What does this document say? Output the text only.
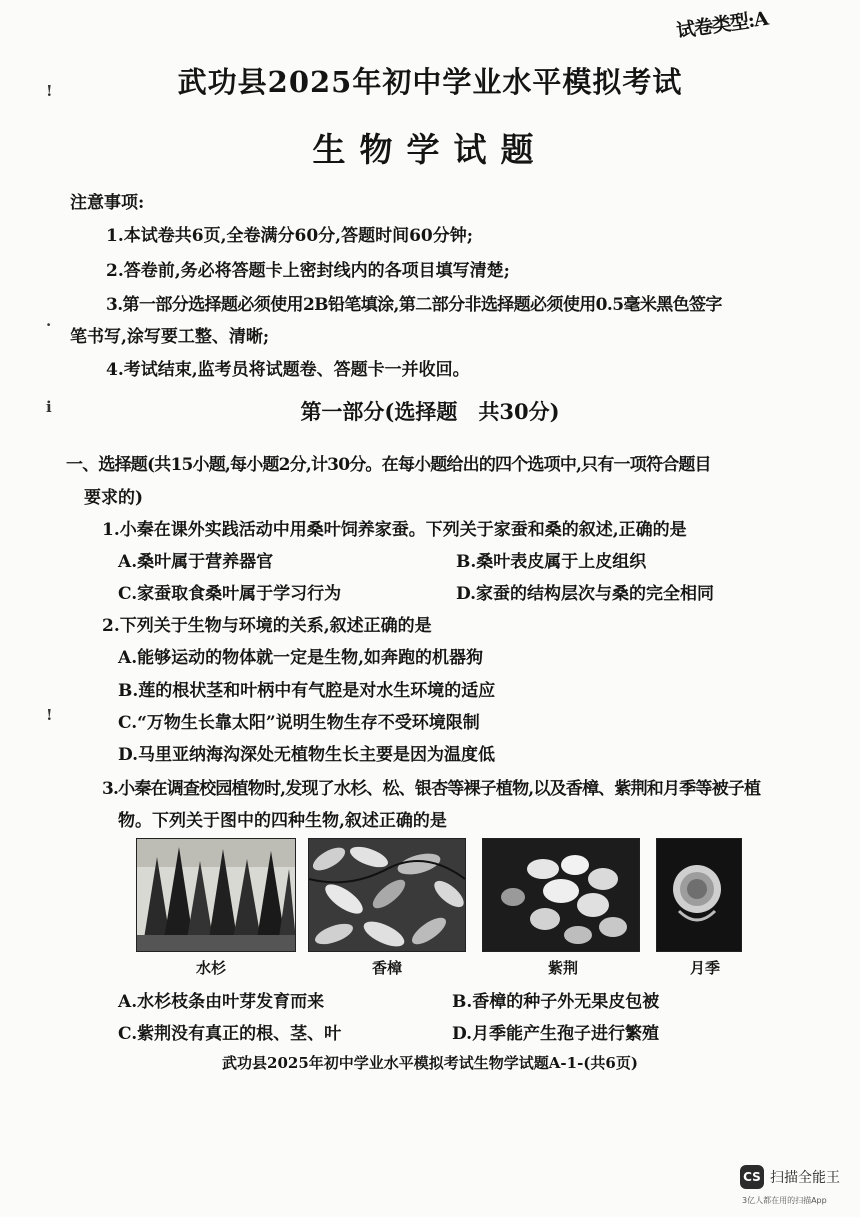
!
·
i
!
试卷类型:A
武功县2025年初中学业水平模拟考试
生物学试题
注意事项:
1.本试卷共6页,全卷满分60分,答题时间60分钟;
2.答卷前,务必将答题卡上密封线内的各项目填写清楚;
3.第一部分选择题必须使用2B铅笔填涂,第二部分非选择题必须使用0.5毫米黑色签字
笔书写,涂写要工整、清晰;
4.考试结束,监考员将试题卷、答题卡一并收回。
第一部分(选择题　共30分)
一、选择题(共15小题,每小题2分,计30分。在每小题给出的四个选项中,只有一项符合题目
要求的)
1.小秦在课外实践活动中用桑叶饲养家蚕。下列关于家蚕和桑的叙述,正确的是
A.桑叶属于营养器官	B.桑叶表皮属于上皮组织
C.家蚕取食桑叶属于学习行为	D.家蚕的结构层次与桑的完全相同
2.下列关于生物与环境的关系,叙述正确的是
A.能够运动的物体就一定是生物,如奔跑的机器狗
B.莲的根状茎和叶柄中有气腔是对水生环境的适应
C.“万物生长靠太阳”说明生物生存不受环境限制
D.马里亚纳海沟深处无植物生长主要是因为温度低
3.小秦在调查校园植物时,发现了水杉、松、银杏等裸子植物,以及香樟、紫荆和月季等被子植
物。下列关于图中的四种生物,叙述正确的是
水杉	香樟	紫荆	月季
A.水杉枝条由叶芽发育而来	B.香樟的种子外无果皮包被
C.紫荆没有真正的根、茎、叶	D.月季能产生孢子进行繁殖
武功县2025年初中学业水平模拟考试生物学试题A-1-(共6页)
CS 扫描全能王
3亿人都在用的扫描App
